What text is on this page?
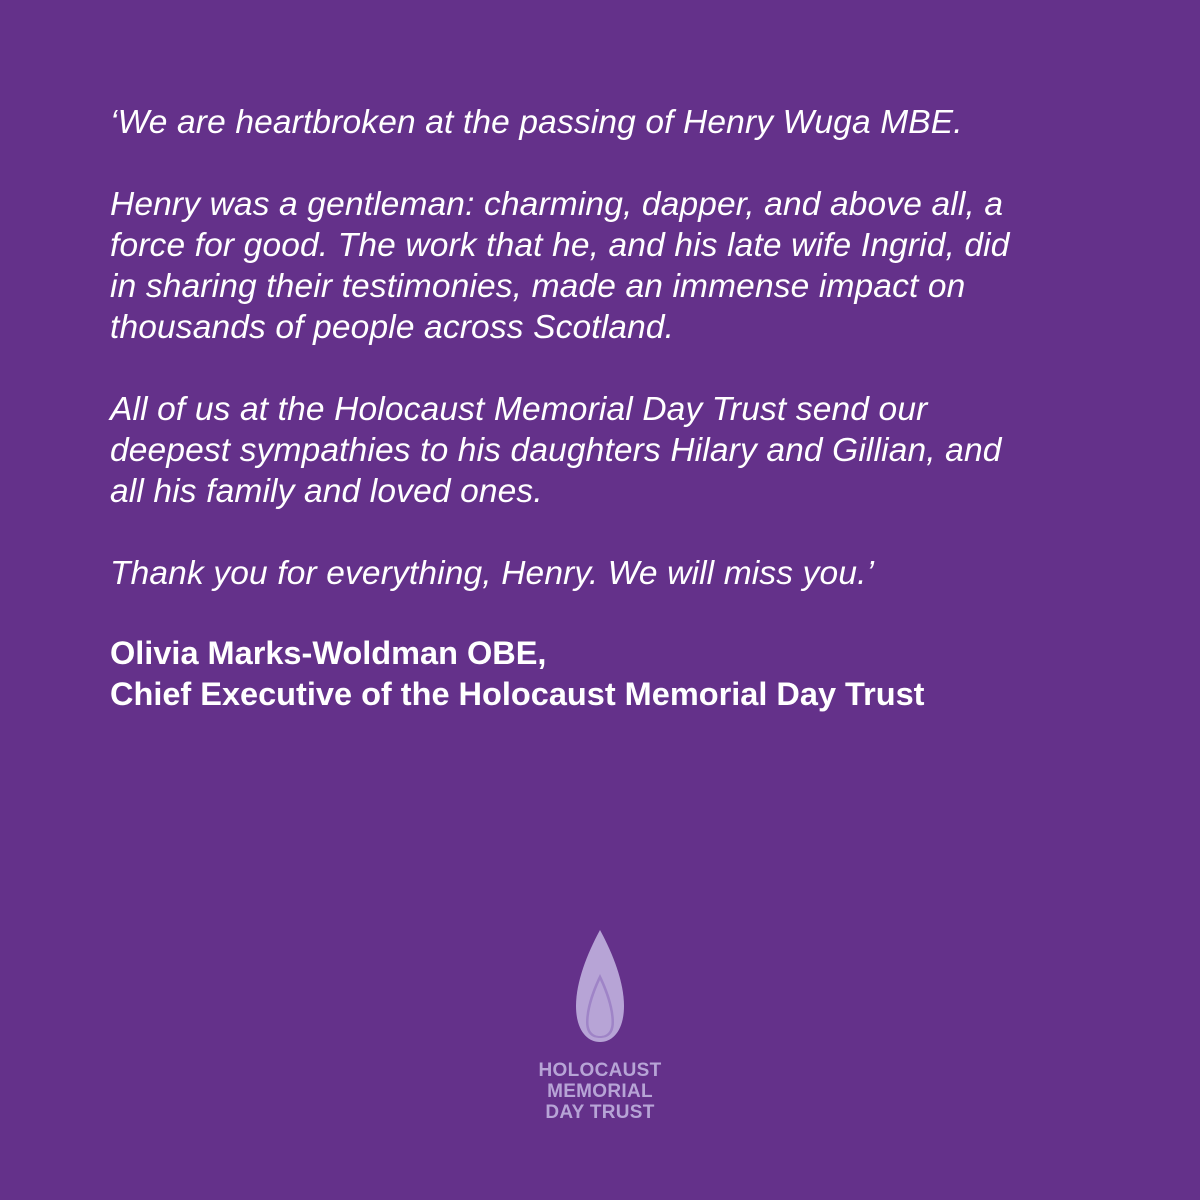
‘We are heartbroken at the passing of Henry Wuga MBE.

Henry was a gentleman: charming, dapper, and above all, a
force for good. The work that he, and his late wife Ingrid, did
in sharing their testimonies, made an immense impact on
thousands of people across Scotland.

All of us at the Holocaust Memorial Day Trust send our
deepest sympathies to his daughters Hilary and Gillian, and
all his family and loved ones.

Thank you for everything, Henry. We will miss you.’

Olivia Marks-Woldman OBE,
Chief Executive of the Holocaust Memorial Day Trust
HOLOCAUST
MEMORIAL
DAY TRUST
